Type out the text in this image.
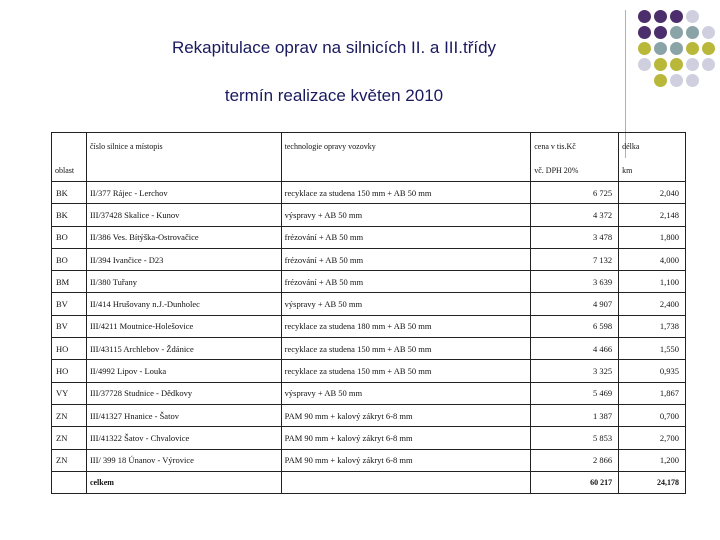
Rekapitulace oprav na silnicích II. a III.třídy
termín realizace květen 2010
	číslo silnice a místopis	technologie opravy vozovky	cena v tis.Kč	délka
oblast			vč. DPH 20%	km
BK	II/377 Rájec - Lerchov	recyklace za studena 150 mm + AB 50 mm	6 725	2,040
BK	III/37428 Skalice - Kunov	výspravy + AB 50 mm	4 372	2,148
BO	II/386 Ves. Bítýška-Ostrovačice	frézování + AB 50 mm	3 478	1,800
BO	II/394 Ivančice - D23	frézování + AB 50 mm	7 132	4,000
BM	II/380 Tuřany	frézování + AB 50 mm	3 639	1,100
BV	II/414 Hrušovany n.J.-Dunholec	výspravy + AB 50 mm	4 907	2,400
BV	III/4211 Moutnice-Holešovice	recyklace za studena 180 mm + AB 50 mm	6 598	1,738
HO	III/43115 Archlebov - Ždánice	recyklace za studena 150 mm + AB 50 mm	4 466	1,550
HO	II/4992 Lipov - Louka	recyklace za studena 150 mm + AB 50 mm	3 325	0,935
VY	III/37728 Studnice - Dědkovy	výspravy + AB 50 mm	5 469	1,867
ZN	III/41327 Hnanice - Šatov	PAM 90 mm + kalový zákryt 6-8 mm	1 387	0,700
ZN	III/41322 Šatov - Chvalovice	PAM 90 mm + kalový zákryt 6-8 mm	5 853	2,700
ZN	III/ 399 18 Únanov - Výrovice	PAM 90 mm + kalový zákryt 6-8 mm	2 866	1,200
	celkem		60 217	24,178
